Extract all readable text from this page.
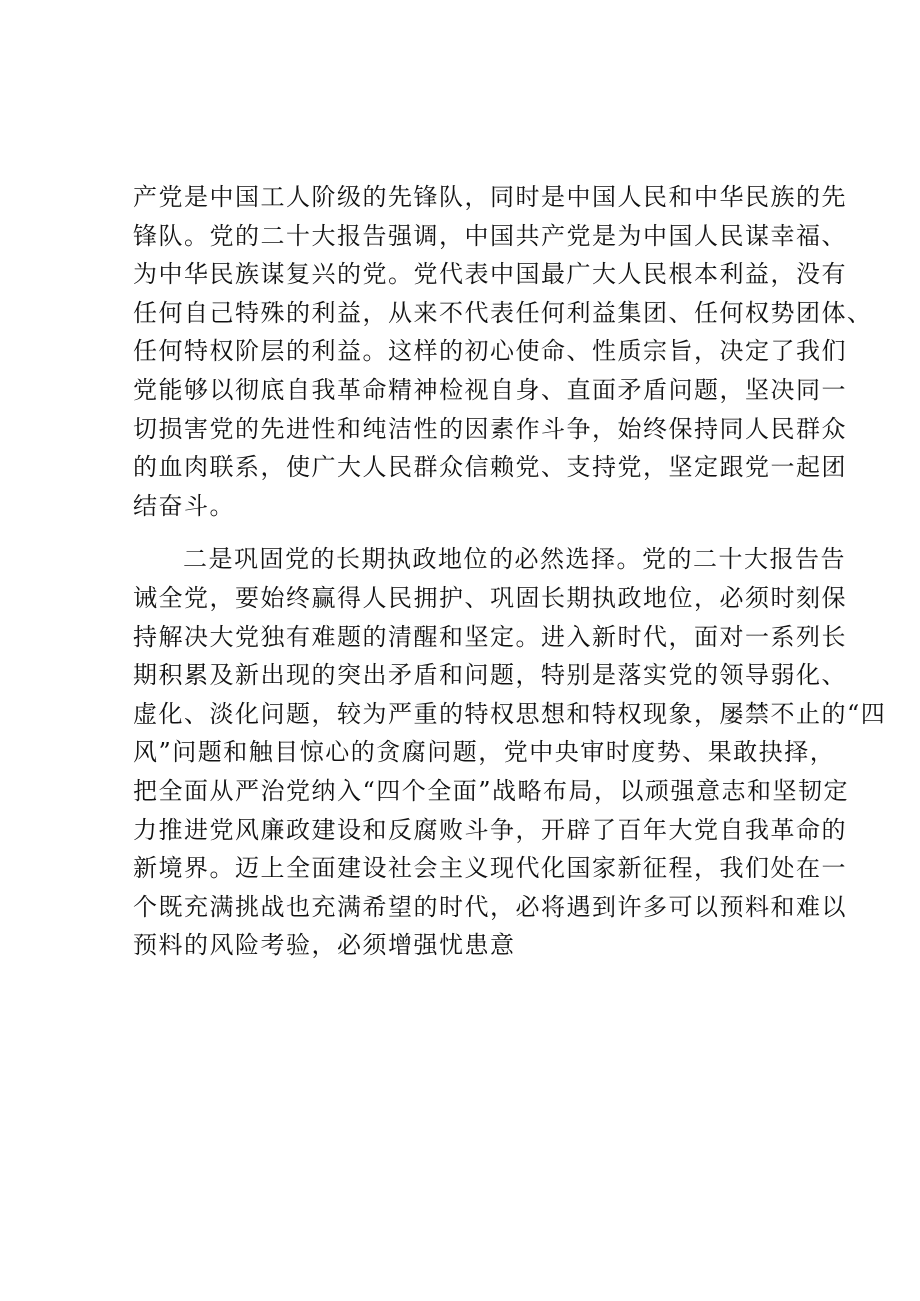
产党是中国工人阶级的先锋队，同时是中国人民和中华民族的先
锋队。党的二十大报告强调，中国共产党是为中国人民谋幸福、
为中华民族谋复兴的党。党代表中国最广大人民根本利益，没有
任何自己特殊的利益，从来不代表任何利益集团、任何权势团体、
任何特权阶层的利益。这样的初心使命、性质宗旨，决定了我们
党能够以彻底自我革命精神检视自身、直面矛盾问题，坚决同一
切损害党的先进性和纯洁性的因素作斗争，始终保持同人民群众
的血肉联系，使广大人民群众信赖党、支持党，坚定跟党一起团
结奋斗。
二是巩固党的长期执政地位的必然选择。党的二十大报告告
诫全党，要始终赢得人民拥护、巩固长期执政地位，必须时刻保
持解决大党独有难题的清醒和坚定。进入新时代，面对一系列长
期积累及新出现的突出矛盾和问题，特别是落实党的领导弱化、
虚化、淡化问题，较为严重的特权思想和特权现象，屡禁不止的“四
风”问题和触目惊心的贪腐问题，党中央审时度势、果敢抉择，
把全面从严治党纳入“四个全面”战略布局，以顽强意志和坚韧定
力推进党风廉政建设和反腐败斗争，开辟了百年大党自我革命的
新境界。迈上全面建设社会主义现代化国家新征程，我们处在一
个既充满挑战也充满希望的时代，必将遇到许多可以预料和难以
预料的风险考验，必须增强忧患意
